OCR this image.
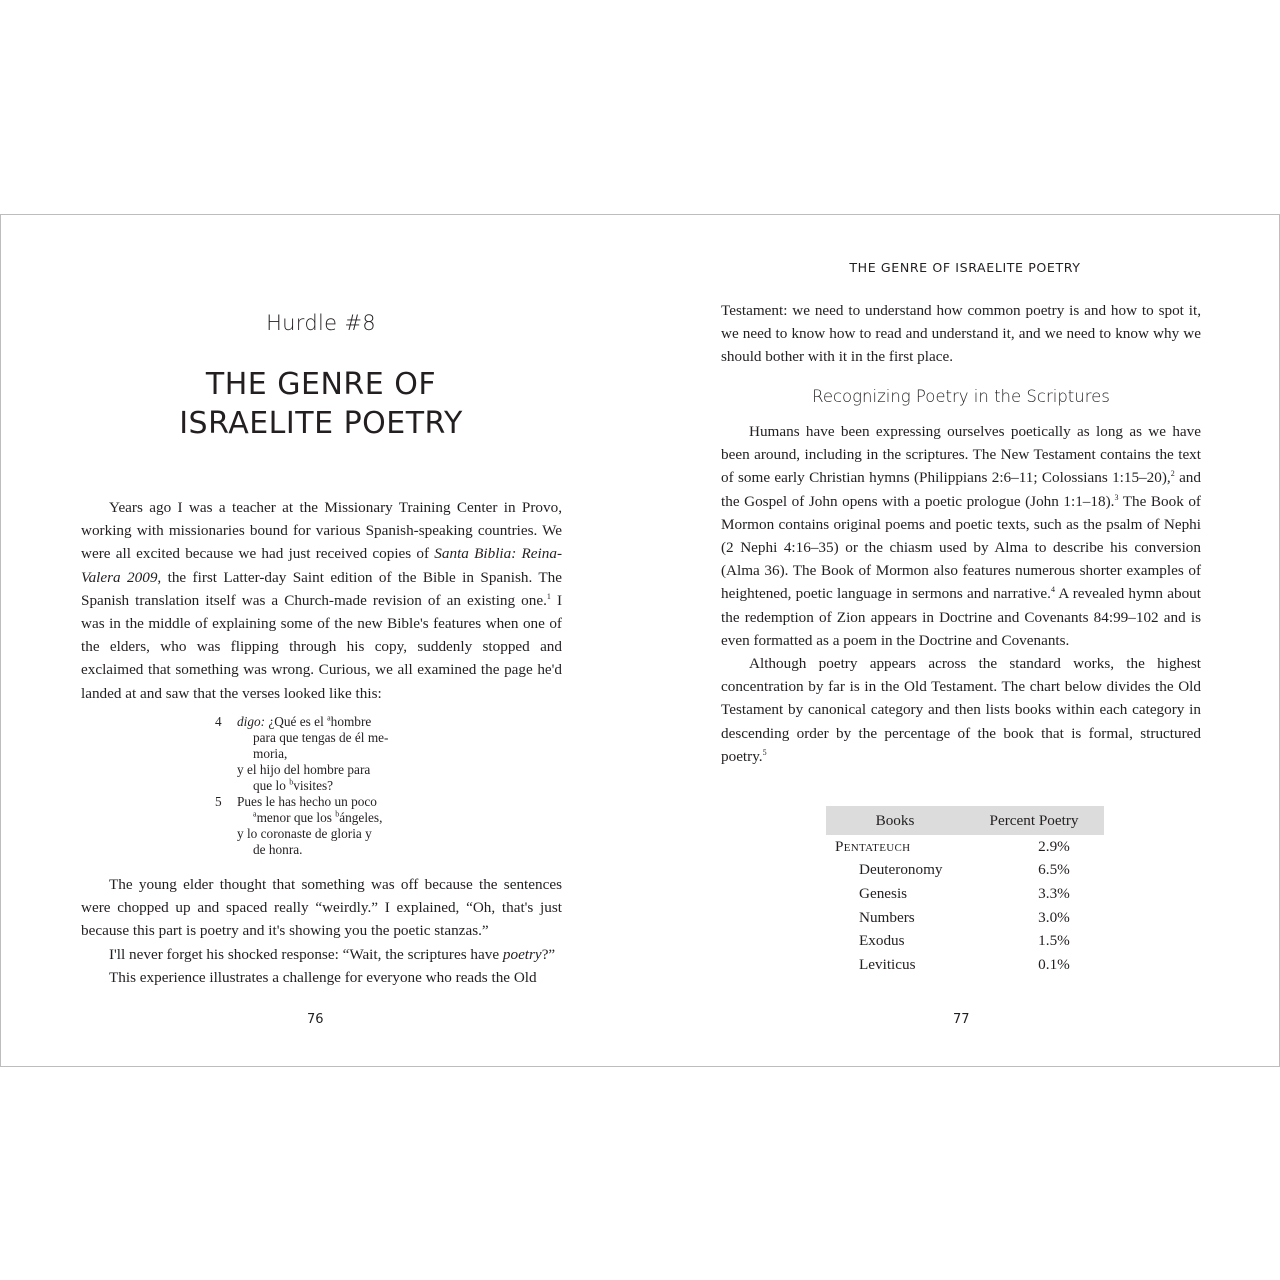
Hurdle #8
THE GENRE OF
ISRAELITE POETRY

Years ago I was a teacher at the Missionary Training Center in Provo, working with missionaries bound for various Spanish-speaking countries. We were all excited because we had just received copies of Santa Biblia: Reina-Valera 2009, the first Latter-day Saint edition of the Bible in Spanish. The Spanish translation itself was a Church-made revision of an existing one.$^1$ I was in the middle of explaining some of the new Bible's features when one of the elders, who was flipping through his copy, suddenly stopped and exclaimed that something was wrong. Curious, we all examined the page he'd landed at and saw that the verses looked like this:

4 digo: ¿Qué es el $^a$hombre
para que tengas de él me-
moria,
y el hijo del hombre para
que lo $^b$visites?
5 Pues le has hecho un poco
$^a$menor que los $^b$ángeles,
y lo coronaste de gloria y
de honra.

The young elder thought that something was off because the sentences were chopped up and spaced really “weirdly.” I explained, “Oh, that's just because this part is poetry and it's showing you the poetic stanzas.”

I'll never forget his shocked response: “Wait, the scriptures have poetry?”

This experience illustrates a challenge for everyone who reads the Old

76
THE GENRE OF ISRAELITE POETRY

Testament: we need to understand how common poetry is and how to spot it, we need to know how to read and understand it, and we need to know why we should bother with it in the first place.

Recognizing Poetry in the Scriptures

Humans have been expressing ourselves poetically as long as we have been around, including in the scriptures. The New Testament contains the text of some early Christian hymns (Philippians 2:6–11; Colossians 1:15–20),$^2$ and the Gospel of John opens with a poetic prologue (John 1:1–18).$^3$ The Book of Mormon contains original poems and poetic texts, such as the psalm of Nephi (2 Nephi 4:16–35) or the chiasm used by Alma to describe his conversion (Alma 36). The Book of Mormon also features numerous shorter examples of heightened, poetic language in sermons and narrative.$^4$ A revealed hymn about the redemption of Zion appears in Doctrine and Covenants 84:99–102 and is even formatted as a poem in the Doctrine and Covenants.

Although poetry appears across the standard works, the highest concentration by far is in the Old Testament. The chart below divides the Old Testament by canonical category and then lists books within each category in descending order by the percentage of the book that is formal, structured poetry.$^5$

Books	Percent Poetry
Pentateuch	2.9%
Deuteronomy	6.5%
Genesis	3.3%
Numbers	3.0%
Exodus	1.5%
Leviticus	0.1%
77
